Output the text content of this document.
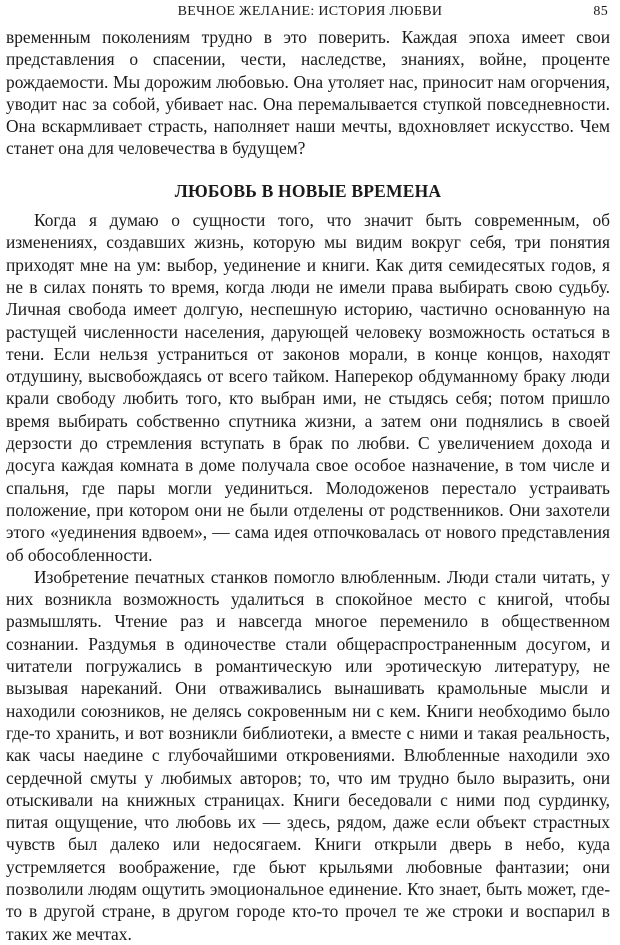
ВЕЧНОЕ ЖЕЛАНИЕ: ИСТОРИЯ ЛЮБВИ	85

временным поколениям трудно в это поверить. Каждая эпоха имеет свои представления о спасении, чести, наследстве, знаниях, войне, проценте рождаемости. Мы дорожим любовью. Она утоляет нас, приносит нам огорчения, уводит нас за собой, убивает нас. Она перемалывается ступкой повседневности. Она вскармливает страсть, наполняет наши мечты, вдохновляет искусство. Чем станет она для человечества в будущем?

ЛЮБОВЬ В НОВЫЕ ВРЕМЕНА

Когда я думаю о сущности того, что значит быть современным, об изменениях, создавших жизнь, которую мы видим вокруг себя, три понятия приходят мне на ум: выбор, уединение и книги. Как дитя семидесятых годов, я не в силах понять то время, когда люди не имели права выбирать свою судьбу. Личная свобода имеет долгую, неспешную историю, частично основанную на растущей численности населения, дарующей человеку возможность остаться в тени. Если нельзя устраниться от законов морали, в конце концов, находят отдушину, высвобождаясь от всего тайком. Наперекор обдуманному браку люди крали свободу любить того, кто выбран ими, не стыдясь себя; потом пришло время выбирать собственно спутника жизни, а затем они поднялись в своей дерзости до стремления вступать в брак по любви. С увеличением дохода и досуга каждая комната в доме получала свое особое назначение, в том числе и спальня, где пары могли уединиться. Молодоженов перестало устраивать положение, при котором они не были отделены от родственников. Они захотели этого «уединения вдвоем», — сама идея отпочковалась от нового представления об обособленности.

Изобретение печатных станков помогло влюбленным. Люди стали читать, у них возникла возможность удалиться в спокойное место с книгой, чтобы размышлять. Чтение раз и навсегда многое переменило в общественном сознании. Раздумья в одиночестве стали общераспространенным досугом, и читатели погружались в романтическую или эротическую литературу, не вызывая нареканий. Они отваживались вынашивать крамольные мысли и находили союзников, не делясь сокровенным ни с кем. Книги необходимо было где-то хранить, и вот возникли библиотеки, а вместе с ними и такая реальность, как часы наедине с глубочайшими откровениями. Влюбленные находили эхо сердечной смуты у любимых авторов; то, что им трудно было выразить, они отыскивали на книжных страницах. Книги беседовали с ними под сурдинку, питая ощущение, что любовь их — здесь, рядом, даже если объект страстных чувств был далеко или недосягаем. Книги открыли дверь в небо, куда устремляется воображение, где бьют крыльями любовные фантазии; они позволили людям ощутить эмоциональное единение. Кто знает, быть может, где-то в другой стране, в другом городе кто-то прочел те же строки и воспарил в таких же мечтах.
